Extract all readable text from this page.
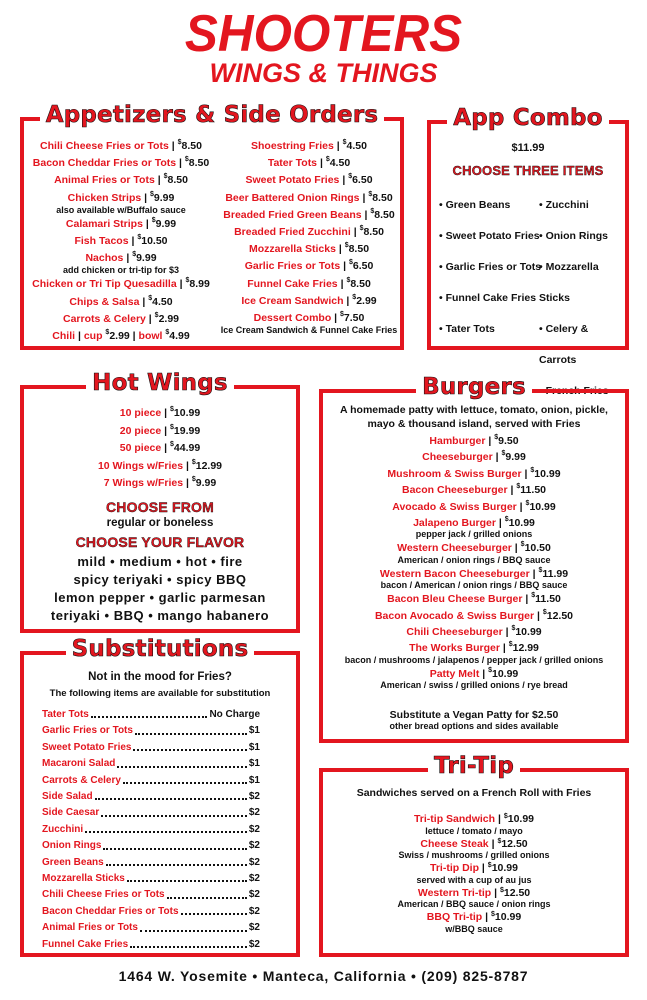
SHOOTERS
WINGS & THINGS
Appetizers & Side Orders
Chili Cheese Fries or Tots | $8.50
Bacon Cheddar Fries or Tots | $8.50
Animal Fries or Tots | $8.50
Chicken Strips | $9.99
also available w/Buffalo sauce
Calamari Strips | $9.99
Fish Tacos | $10.50
Nachos | $9.99
add chicken or tri-tip for $3
Chicken or Tri Tip Quesadilla | $8.99
Chips & Salsa | $4.50
Carrots & Celery | $2.99
Chili | cup $2.99 | bowl $4.99
Shoestring Fries | $4.50
Tater Tots | $4.50
Sweet Potato Fries | $6.50
Beer Battered Onion Rings | $8.50
Breaded Fried Green Beans | $8.50
Breaded Fried Zucchini | $8.50
Mozzarella Sticks | $8.50
Garlic Fries or Tots | $6.50
Funnel Cake Fries | $8.50
Ice Cream Sandwich | $2.99
Dessert Combo | $7.50
Ice Cream Sandwich & Funnel Cake Fries
App Combo
$11.99
CHOOSE THREE ITEMS
• Green Beans
• Sweet Potato Fries
• Garlic Fries or Tots
• Funnel Cake Fries
• Tater Tots
• Zucchini
• Onion Rings
• Mozzarella Sticks
• Celery & Carrots
• French Fries
Hot Wings
10 piece | $10.99
20 piece | $19.99
50 piece | $44.99
10 Wings w/Fries | $12.99
7 Wings w/Fries | $9.99
CHOOSE FROM
regular or boneless
CHOOSE YOUR FLAVOR
mild • medium • hot • fire
spicy teriyaki • spicy BBQ
lemon pepper • garlic parmesan
teriyaki • BBQ • mango habanero
Substitutions
Not in the mood for Fries?
The following items are available for substitution
Tater Tots	No Charge
Garlic Fries or Tots	$1
Sweet Potato Fries	$1
Macaroni Salad	$1
Carrots & Celery	$1
Side Salad	$2
Side Caesar	$2
Zucchini	$2
Onion Rings	$2
Green Beans	$2
Mozzarella Sticks	$2
Chili Cheese Fries or Tots	$2
Bacon Cheddar Fries or Tots	$2
Animal Fries or Tots	$2
Funnel Cake Fries	$2
Burgers
A homemade patty with lettuce, tomato, onion, pickle,
mayo & thousand island, served with Fries
Hamburger | $9.50
Cheeseburger | $9.99
Mushroom & Swiss Burger | $10.99
Bacon Cheeseburger | $11.50
Avocado & Swiss Burger | $10.99
Jalapeno Burger | $10.99
pepper jack / grilled onions
Western Cheeseburger | $10.50
American / onion rings / BBQ sauce
Western Bacon Cheeseburger | $11.99
bacon / American / onion rings / BBQ sauce
Bacon Bleu Cheese Burger | $11.50
Bacon Avocado & Swiss Burger | $12.50
Chili Cheeseburger | $10.99
The Works Burger | $12.99
bacon / mushrooms / jalapenos / pepper jack / grilled onions
Patty Melt | $10.99
American / swiss / grilled onions / rye bread
Substitute a Vegan Patty for $2.50
other bread options and sides available
Tri-Tip
Sandwiches served on a French Roll with Fries
Tri-tip Sandwich | $10.99
lettuce / tomato / mayo
Cheese Steak | $12.50
Swiss / mushrooms / grilled onions
Tri-tip Dip | $10.99
served with a cup of au jus
Western Tri-tip | $12.50
American / BBQ sauce / onion rings
BBQ Tri-tip | $10.99
w/BBQ sauce
1464 W. Yosemite • Manteca, California • (209) 825-8787
